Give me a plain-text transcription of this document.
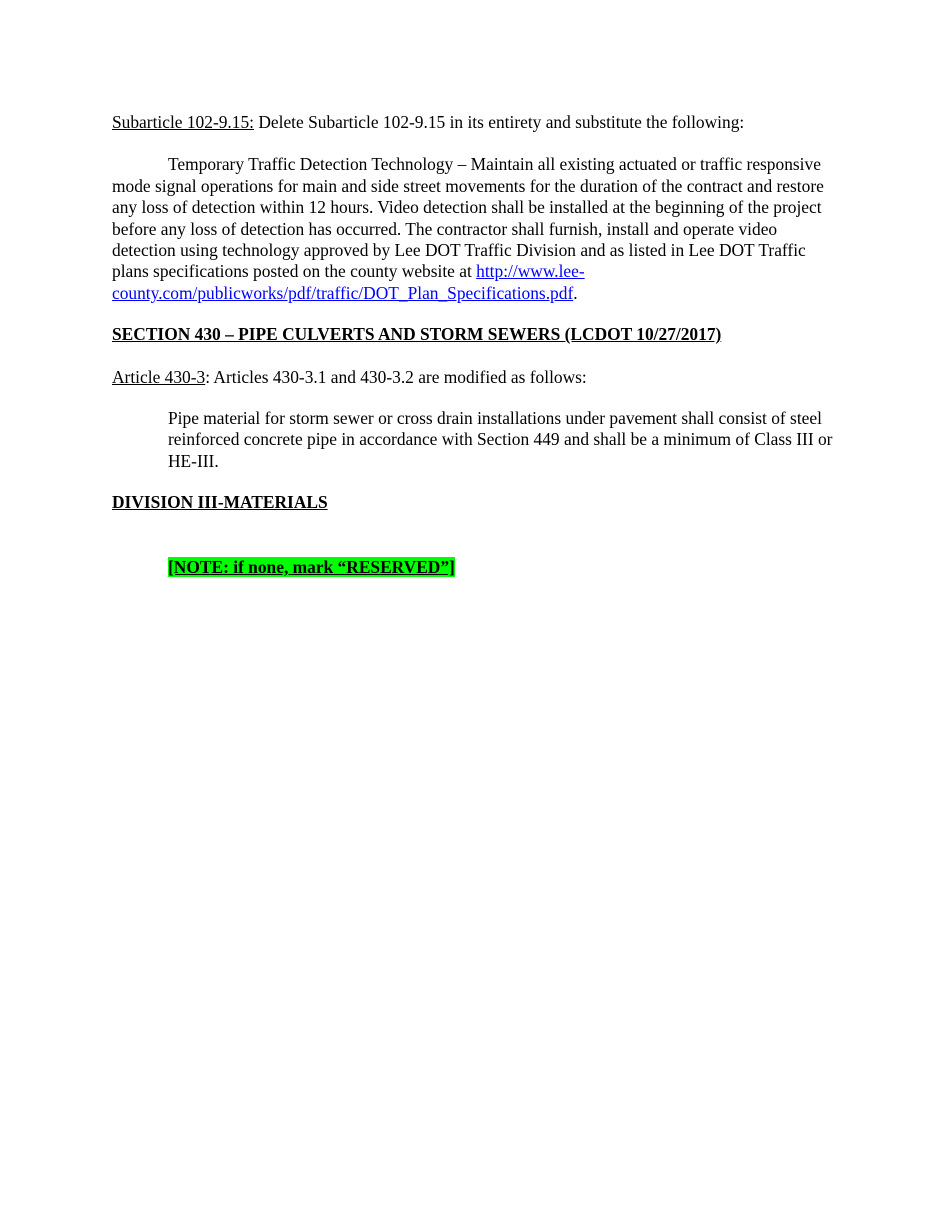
Subarticle 102-9.15: Delete Subarticle 102-9.15 in its entirety and substitute the following:

Temporary Traffic Detection Technology – Maintain all existing actuated or traffic responsive mode signal operations for main and side street movements for the duration of the contract and restore any loss of detection within 12 hours. Video detection shall be installed at the beginning of the project before any loss of detection has occurred. The contractor shall furnish, install and operate video detection using technology approved by Lee DOT Traffic Division and as listed in Lee DOT Traffic plans specifications posted on the county website at http://www.lee-county.com/publicworks/pdf/traffic/DOT_Plan_Specifications.pdf.

SECTION 430 – PIPE CULVERTS AND STORM SEWERS (LCDOT 10/27/2017)

Article 430-3: Articles 430-3.1 and 430-3.2 are modified as follows:

Pipe material for storm sewer or cross drain installations under pavement shall consist of steel reinforced concrete pipe in accordance with Section 449 and shall be a minimum of Class III or HE-III.

DIVISION III-MATERIALS

[NOTE: if none, mark “RESERVED”]
